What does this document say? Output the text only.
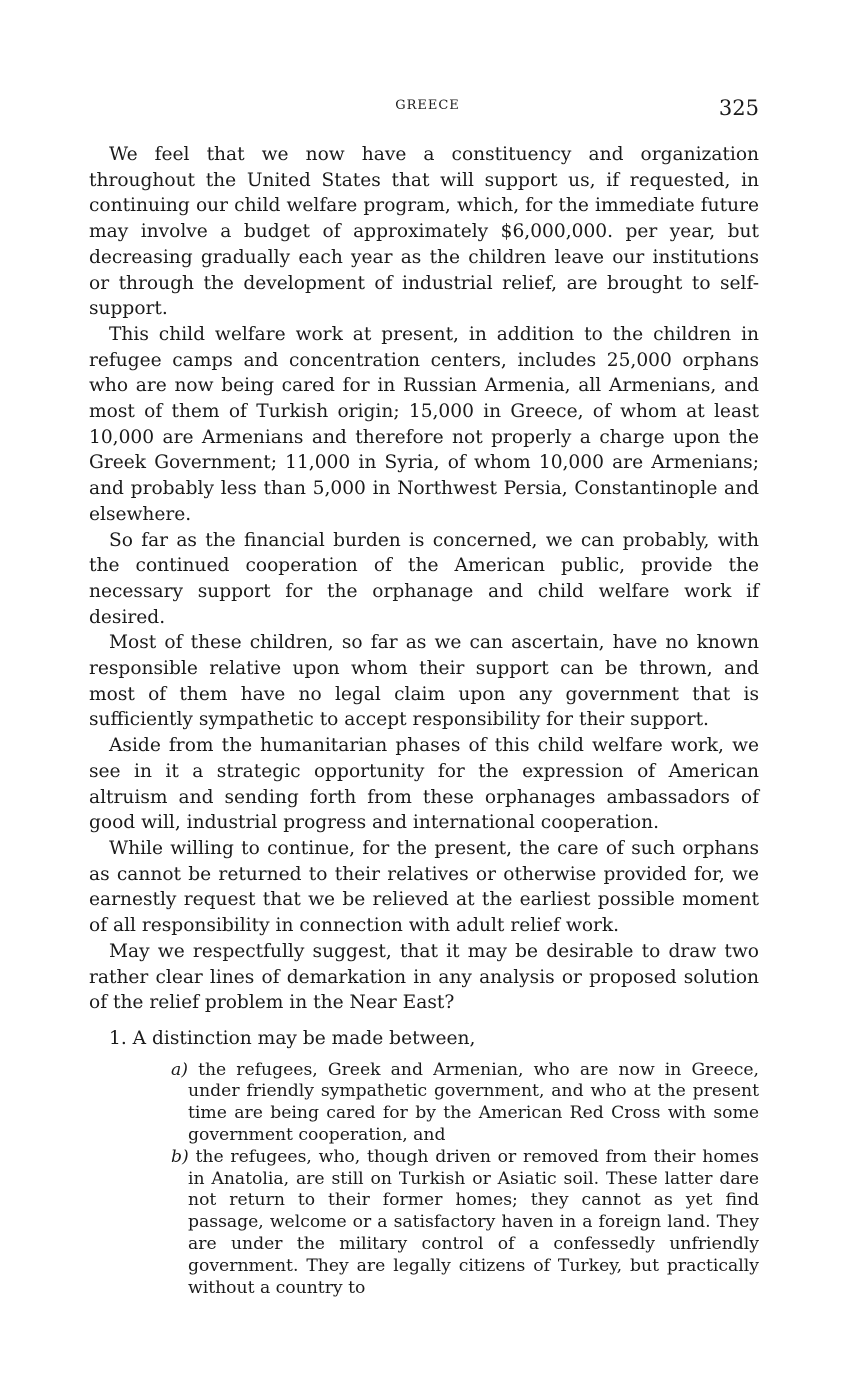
GREECE	325

We feel that we now have a constituency and organization throughout the United States that will support us, if requested, in continuing our child welfare program, which, for the immediate future may involve a budget of approximately $6,000,000. per year, but decreasing gradually each year as the children leave our institutions or through the development of industrial relief, are brought to self-support.

This child welfare work at present, in addition to the children in refugee camps and concentration centers, includes 25,000 orphans who are now being cared for in Russian Armenia, all Armenians, and most of them of Turkish origin; 15,000 in Greece, of whom at least 10,000 are Armenians and therefore not properly a charge upon the Greek Government; 11,000 in Syria, of whom 10,000 are Armenians; and probably less than 5,000 in Northwest Persia, Constantinople and elsewhere.

So far as the financial burden is concerned, we can probably, with the continued cooperation of the American public, provide the necessary support for the orphanage and child welfare work if desired.

Most of these children, so far as we can ascertain, have no known responsible relative upon whom their support can be thrown, and most of them have no legal claim upon any government that is sufficiently sympathetic to accept responsibility for their support.

Aside from the humanitarian phases of this child welfare work, we see in it a strategic opportunity for the expression of American altruism and sending forth from these orphanages ambassadors of good will, industrial progress and international cooperation.

While willing to continue, for the present, the care of such orphans as cannot be returned to their relatives or otherwise provided for, we earnestly request that we be relieved at the earliest possible moment of all responsibility in connection with adult relief work.

May we respectfully suggest, that it may be desirable to draw two rather clear lines of demarkation in any analysis or proposed solution of the relief problem in the Near East?

1. A distinction may be made between,
a) the refugees, Greek and Armenian, who are now in Greece, under friendly sympathetic government, and who at the present time are being cared for by the American Red Cross with some government cooperation, and
b) the refugees, who, though driven or removed from their homes in Anatolia, are still on Turkish or Asiatic soil. These latter dare not return to their former homes; they cannot as yet find passage, welcome or a satisfactory haven in a foreign land. They are under the military control of a confessedly unfriendly government. They are legally citizens of Turkey, but practically without a country to
